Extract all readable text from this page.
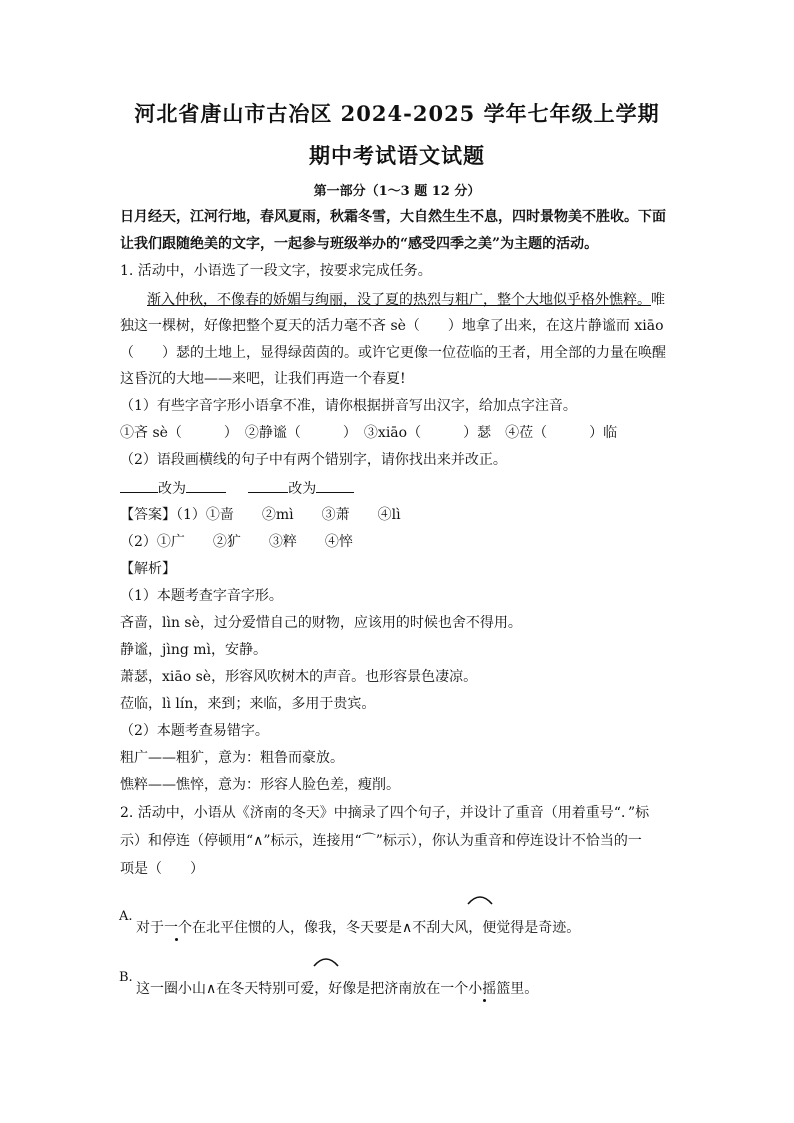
河北省唐山市古冶区 2024-2025 学年七年级上学期
期中考试语文试题
第一部分（1～3 题 12 分）
日月经天，江河行地，春风夏雨，秋霜冬雪，大自然生生不息，四时景物美不胜收。下面
让我们跟随绝美的文字，一起参与班级举办的“感受四季之美”为主题的活动。
1. 活动中，小语选了一段文字，按要求完成任务。
渐入仲秋，不像春的娇媚与绚丽，没了夏的热烈与粗广，整个大地似乎格外憔粹。唯
独这一棵树，好像把整个夏天的活力毫不吝 sè（　　）地拿了出来，在这片静谧而 xiāo
（　　）瑟的土地上，显得绿茵茵的。或许它更像一位莅临的王者，用全部的力量在唤醒
这昏沉的大地——来吧，让我们再造一个春夏!
（1）有些字音字形小语拿不准，请你根据拼音写出汉字，给加点字注音。
①吝 sè（　　　）　②静谧（　　　）　③xiāo（　　　）瑟　④莅（　　　）临
（2）语段画横线的句子中有两个错别字，请你找出来并改正。
改为	改为
【答案】（1）①啬　　②mì　　③萧　　④lì
（2）①广　　②犷　　③粹　　④悴
【解析】
（1）本题考查字音字形。
吝啬，lìn sè，过分爱惜自己的财物，应该用的时候也舍不得用。
静谧，jìng mì，安静。
萧瑟，xiāo sè，形容风吹树木的声音。也形容景色凄凉。
莅临，lì lín，来到；来临，多用于贵宾。
（2）本题考查易错字。
粗广——粗犷，意为：粗鲁而豪放。
憔粹——憔悴，意为：形容人脸色差，瘦削。
2. 活动中，小语从《济南的冬天》中摘录了四个句子，并设计了重音（用着重号“．”标
示）和停连（停顿用“∧”标示，连接用“⌒”标示），你认为重音和停连设计不恰当的一
项是（　　）
A.
对于一个在北平住惯的人，像我，冬天要是∧不刮大风，便觉得是奇迹。
B.
这一圈小山∧在冬天特别可爱，好像是把济南放在一个小摇篮里。
